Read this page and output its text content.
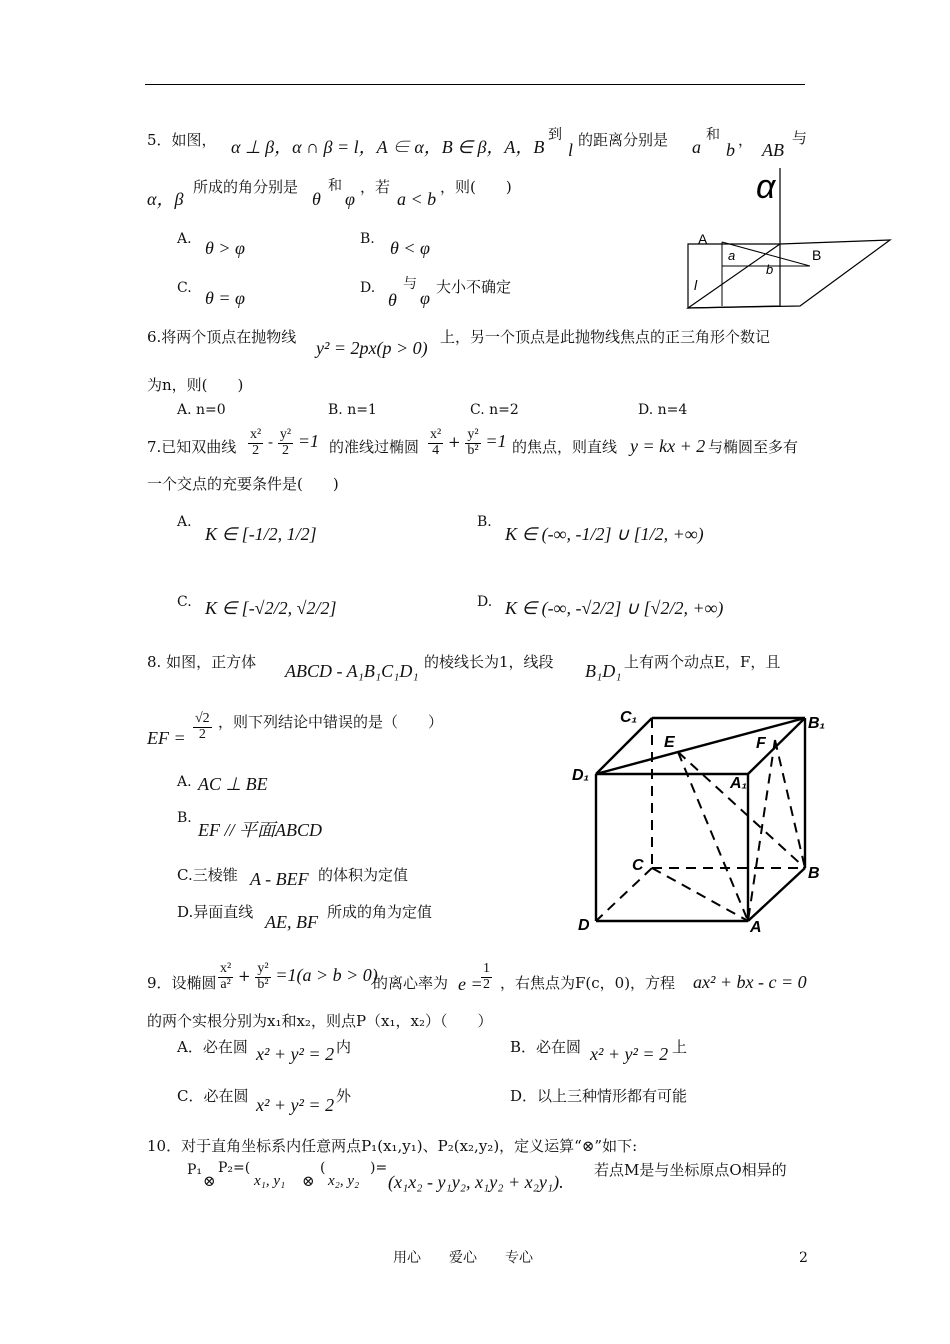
5．如图， α ⊥ β，α ∩ β = l，A ∈ α，B ∈ β，A，B
到
l 的距离分别是 a
和
b ， AB
与
α，β
所成的角分别是
θ
和
φ
，若
a < b
，则(　　)
A. θ > φ	B. θ < φ
C. θ = φ	D.
θ
与
φ
大小不确定
α
A
a
b
B
l
6.将两个顶点在抛物线
y² = 2px(p > 0)
上，另一个顶点是此抛物线焦点的正三角形个数记
为n，则(　　)
A. n=0	B. n=1	C. n=2	D. n=4
7.已知双曲线 $\frac{\text{x²}}{2} - \frac{\text{y²}}{2} =1$ 的准线过椭圆 $\frac{\text{x²}}{4} + \frac{\text{y²}}{\text{b²}} =1$ 的焦点，则直线 y = kx + 2 与椭圆至多有
一个交点的充要条件是(　　)
A.
K ∈ [-1/2, 1/2]
B.
K ∈ (-∞, -1/2] ∪ [1/2, +∞)
C. K ∈ [-√2/2, √2/2]	D. K ∈ (-∞, -√2/2] ∪ [√2/2, +∞)
8. 如图，正方体 ABCD - A₁B₁C₁D₁ 的棱线长为1，线段 B₁D₁ 上有两个动点E，F，且
EF = $\frac{√2}{2}$ ，则下列结论中错误的是（　　）
A. AC ⊥ BE
B.
EF // 平面ABCD
C.三棱锥 A - BEF 的体积为定值
D.异面直线 AE, BF 所成的角为定值
C₁	B₁
E	F
D₁	A₁
C	B
D	A
9．设椭圆 $\frac{\text{x²}}{\text{a²}} + \frac{\text{y²}}{\text{b²}} =1(a > b > 0)$
的离心率为 e =
$\frac{1}{2}$ ，右焦点为F(c，0)，方程 ax² + bx - c = 0
的两个实根分别为x₁和x₂，则点P（x₁，x₂）（　　）
A．必在圆 x² + y² = 2 内	B．必在圆 x² + y² = 2 上
C．必在圆 x² + y² = 2 外	D．以上三种情形都有可能
10．对于直角坐标系内任意两点P₁(x₁,y₁)、P₂(x₂,y₂)，定义运算“⊗”如下:
P₁
⊗
P₂=(
x₁, y₁ ⊗
(
x₂, y₂
)=
(x₁x₂ - y₁y₂, x₁y₂ + x₂y₁).
若点M是与坐标原点O相异的
用心　　爱心　　专心	2
